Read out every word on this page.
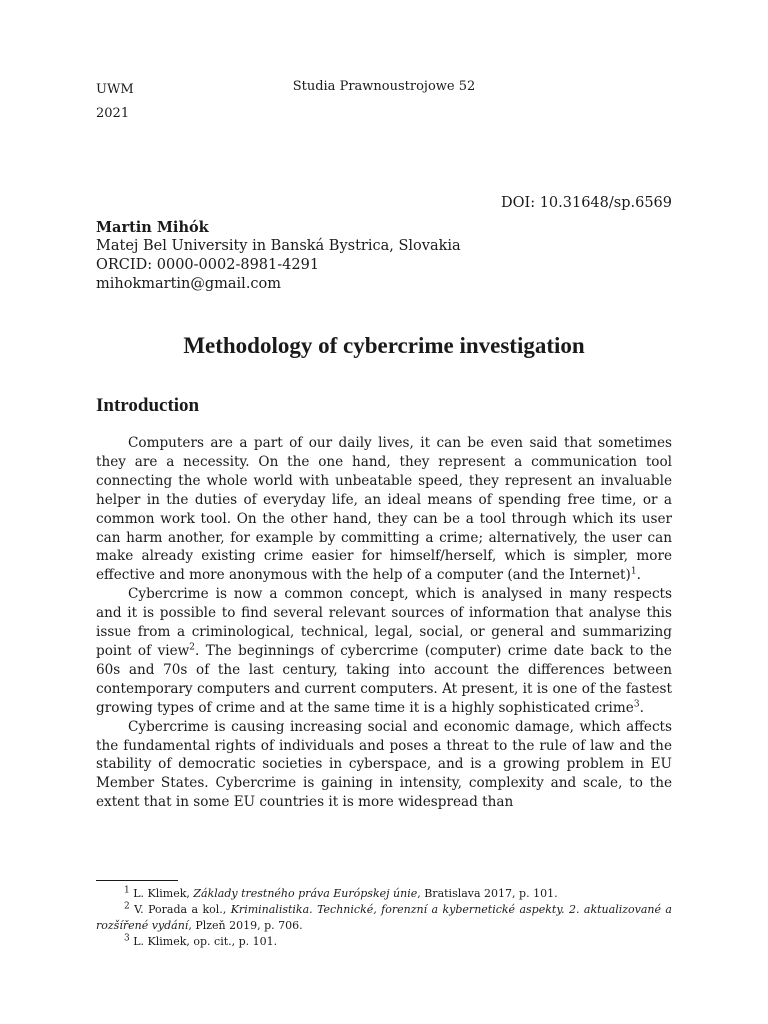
UWM
2021
Studia Prawnoustrojowe 52
DOI: 10.31648/sp.6569
Martin Mihók
Matej Bel University in Banská Bystrica, Slovakia
ORCID: 0000-0002-8981-4291
mihokmartin@gmail.com
Methodology of cybercrime investigation
Introduction

Computers are a part of our daily lives, it can be even said that sometimes they are a necessity. On the one hand, they represent a communication tool connecting the whole world with unbeatable speed, they represent an invaluable helper in the duties of everyday life, an ideal means of spending free time, or a common work tool. On the other hand, they can be a tool through which its user can harm another, for example by committing a crime; alternatively, the user can make already existing crime easier for himself/herself, which is simpler, more effective and more anonymous with the help of a computer (and the Internet)$^1$.

Cybercrime is now a common concept, which is analysed in many respects and it is possible to find several relevant sources of information that analyse this issue from a criminological, technical, legal, social, or general and summarizing point of view$^2$. The beginnings of cybercrime (computer) crime date back to the 60s and 70s of the last century, taking into account the differences between contemporary computers and current computers. At present, it is one of the fastest growing types of crime and at the same time it is a highly sophisticated crime$^3$.

Cybercrime is causing increasing social and economic damage, which affects the fundamental rights of individuals and poses a threat to the rule of law and the stability of democratic societies in cyberspace, and is a growing problem in EU Member States. Cybercrime is gaining in intensity, complexity and scale, to the extent that in some EU countries it is more widespread than

$^1$ L. Klimek, Základy trestného práva Európskej únie, Bratislava 2017, p. 101.

$^2$ V. Porada a kol., Kriminalistika. Technické, forenzní a kybernetické aspekty. 2. aktualizované a rozšířené vydání, Plzeň 2019, p. 706.

$^3$ L. Klimek, op. cit., p. 101.
